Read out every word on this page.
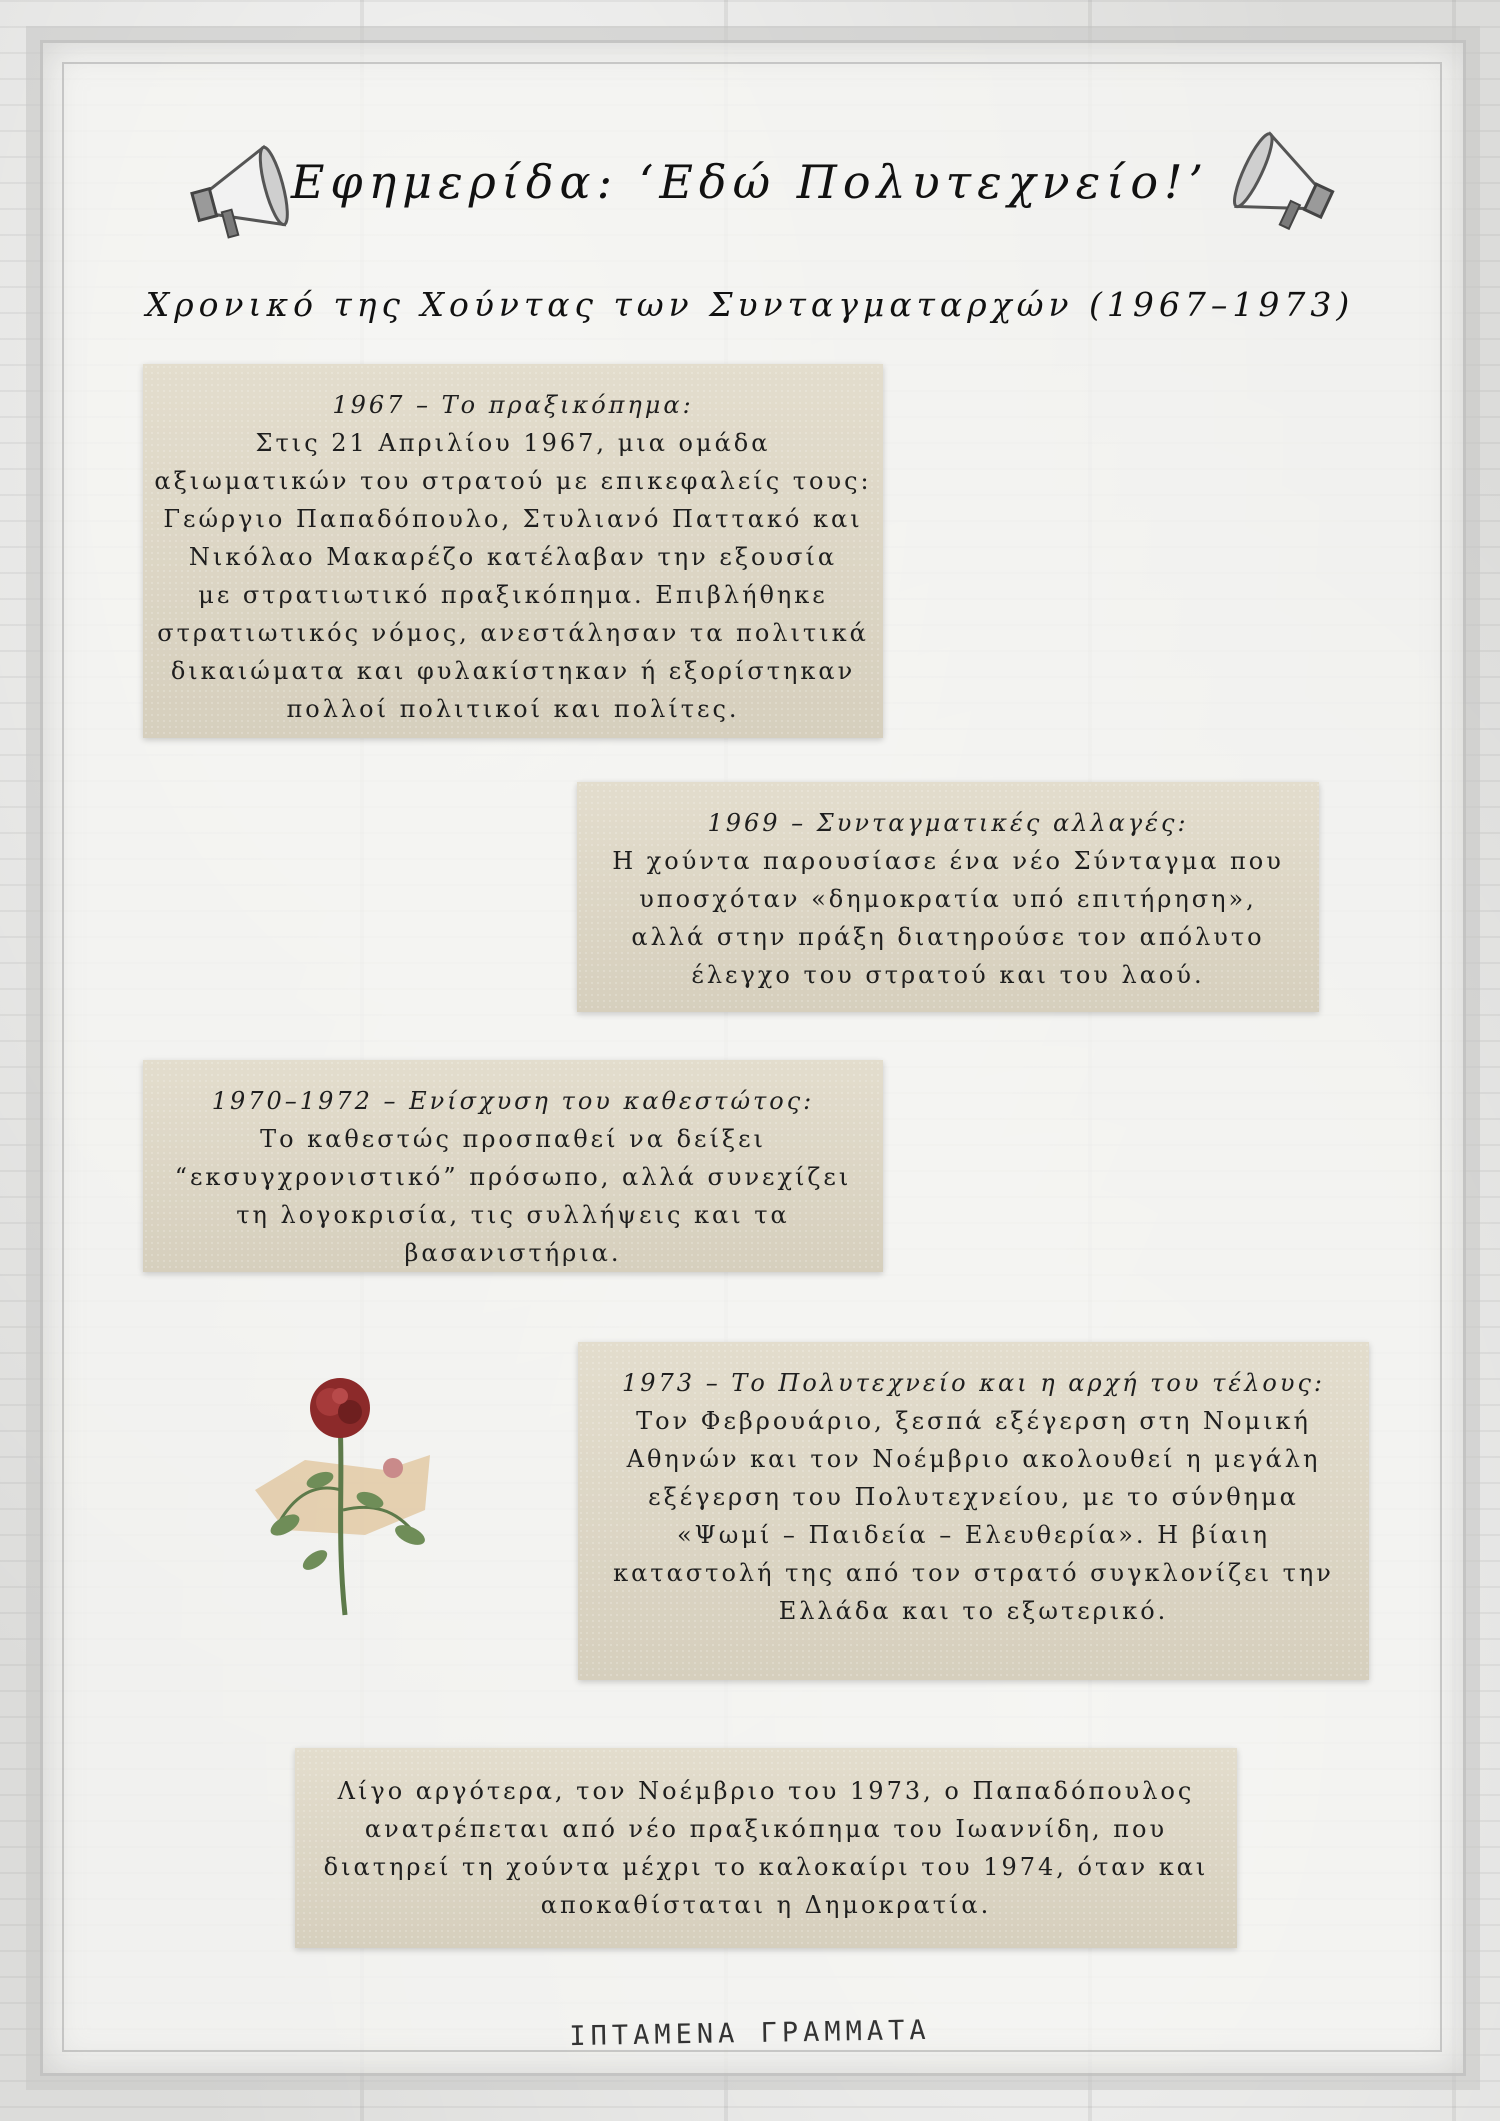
Εφημερίδα: ‘Εδώ Πολυτεχνείο!’
Χρονικό της Χούντας των Συνταγματαρχών (1967–1973)

1967 – Το πραξικόπημα:

Στις 21 Απριλίου 1967, μια ομάδα

αξιωματικών του στρατού με επικεφαλείς τους:

Γεώργιο Παπαδόπουλο, Στυλιανό Παττακό και

Νικόλαο Μακαρέζο κατέλαβαν την εξουσία

με στρατιωτικό πραξικόπημα. Επιβλήθηκε

στρατιωτικός νόμος, ανεστάλησαν τα πολιτικά

δικαιώματα και φυλακίστηκαν ή εξορίστηκαν

πολλοί πολιτικοί και πολίτες.

1969 – Συνταγματικές αλλαγές:

Η χούντα παρουσίασε ένα νέο Σύνταγμα που

υποσχόταν «δημοκρατία υπό επιτήρηση»,

αλλά στην πράξη διατηρούσε τον απόλυτο

έλεγχο του στρατού και του λαού.

1970–1972 – Ενίσχυση του καθεστώτος:

Το καθεστώς προσπαθεί να δείξει

“εκσυγχρονιστικό” πρόσωπο, αλλά συνεχίζει

τη λογοκρισία, τις συλλήψεις και τα

βασανιστήρια.

1973 – Το Πολυτεχνείο και η αρχή του τέλους:

Τον Φεβρουάριο, ξεσπά εξέγερση στη Νομική

Αθηνών και τον Νοέμβριο ακολουθεί η μεγάλη

εξέγερση του Πολυτεχνείου, με το σύνθημα

«Ψωμί – Παιδεία – Ελευθερία». Η βίαιη

καταστολή της από τον στρατό συγκλονίζει την

Ελλάδα και το εξωτερικό.

Λίγο αργότερα, τον Νοέμβριο του 1973, ο Παπαδόπουλος

ανατρέπεται από νέο πραξικόπημα του Ιωαννίδη, που

διατηρεί τη χούντα μέχρι το καλοκαίρι του 1974, όταν και

αποκαθίσταται η Δημοκρατία.

ΙΠΤΑΜΕΝΑ ΓΡΑΜΜΑΤΑ
